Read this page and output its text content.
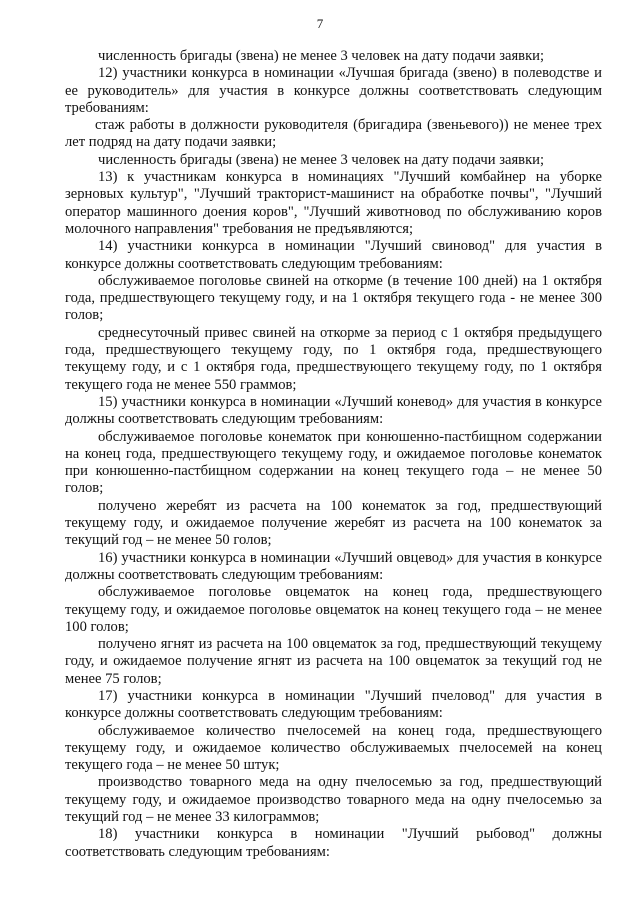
7

численность бригады (звена) не менее 3 человек на дату подачи заявки;

12) участники конкурса в номинации «Лучшая бригада (звено) в полеводстве и ее руководитель» для участия в конкурсе должны соответствовать следующим требованиям:

стаж работы в должности руководителя (бригадира (звеньевого)) не менее трех лет подряд на дату подачи заявки;

численность бригады (звена) не менее 3 человек на дату подачи заявки;

13) к участникам конкурса в номинациях "Лучший комбайнер на уборке зерновых культур", "Лучший тракторист-машинист на обработке почвы", "Лучший оператор машинного доения коров", "Лучший животновод по обслуживанию коров молочного направления" требования не предъявляются;

14) участники конкурса в номинации "Лучший свиновод" для участия в конкурсе должны соответствовать следующим требованиям:

обслуживаемое поголовье свиней на откорме (в течение 100 дней) на 1 октября года, предшествующего текущему году, и на 1 октября текущего года - не менее 300 голов;

среднесуточный привес свиней на откорме за период с 1 октября предыдущего года, предшествующего текущему году, по 1 октября года, предшествующего текущему году, и с 1 октября года, предшествующего текущему году, по 1 октября текущего года не менее 550 граммов;

15) участники конкурса в номинации «Лучший коневод» для участия в конкурсе должны соответствовать следующим требованиям:

обслуживаемое поголовье конематок при конюшенно-пастбищном содержании на конец года, предшествующего текущему году, и ожидаемое поголовье конематок при конюшенно-пастбищном содержании на конец текущего года – не менее 50 голов;

получено жеребят из расчета на 100 конематок за год, предшествующий текущему году, и ожидаемое получение жеребят из расчета на 100 конематок за текущий год – не менее 50 голов;

16) участники конкурса в номинации «Лучший овцевод» для участия в конкурсе должны соответствовать следующим требованиям:

обслуживаемое поголовье овцематок на конец года, предшествующего текущему году, и ожидаемое поголовье овцематок на конец текущего года – не менее 100 голов;

получено ягнят из расчета на 100 овцематок за год, предшествующий текущему году, и ожидаемое получение ягнят из расчета на 100 овцематок за текущий год не менее 75 голов;

17) участники конкурса в номинации "Лучший пчеловод" для участия в конкурсе должны соответствовать следующим требованиям:

обслуживаемое количество пчелосемей на конец года, предшествующего текущему году, и ожидаемое количество обслуживаемых пчелосемей на конец текущего года – не менее 50 штук;

производство товарного меда на одну пчелосемью за год, предшествующий текущему году, и ожидаемое производство товарного меда на одну пчелосемью за текущий год – не менее 33 килограммов;

18) участники конкурса в номинации "Лучший рыбовод" должны соответствовать следующим требованиям:
